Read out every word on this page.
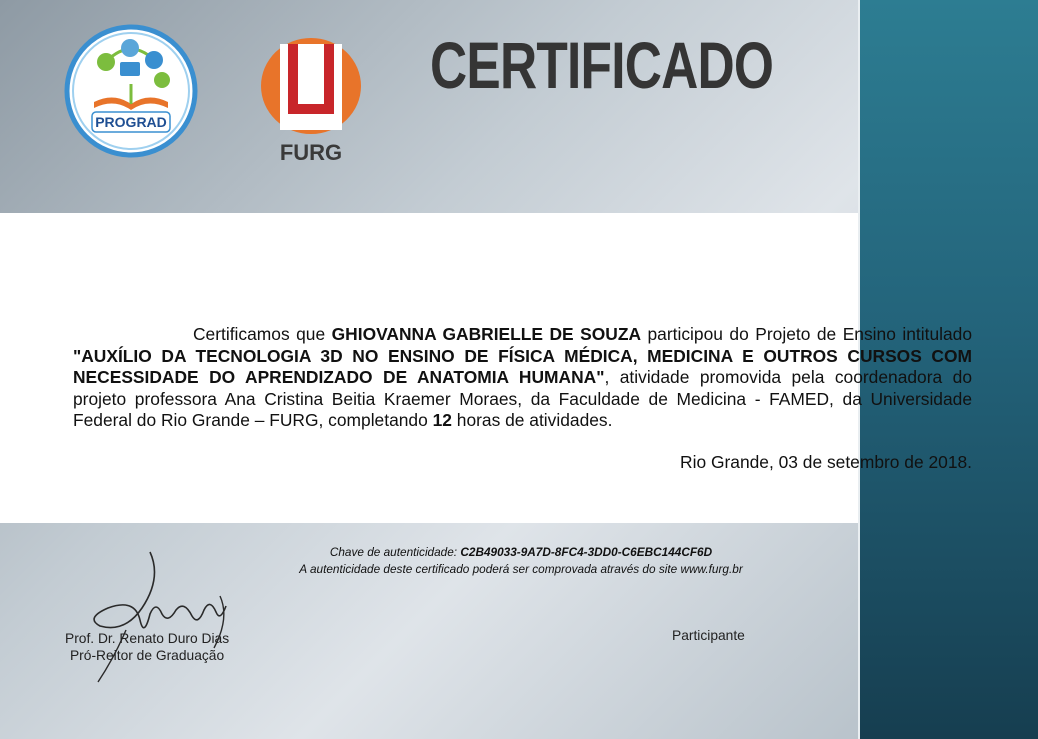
PROGRAD
FURG
CERTIFICADO
Certificamos que GHIOVANNA GABRIELLE DE SOUZA participou do Projeto de Ensino intitulado "AUXÍLIO DA TECNOLOGIA 3D NO ENSINO DE FÍSICA MÉDICA, MEDICINA E OUTROS CURSOS COM NECESSIDADE DO APRENDIZADO DE ANATOMIA HUMANA", atividade promovida pela coordenadora do projeto professora Ana Cristina Beitia Kraemer Moraes, da Faculdade de Medicina - FAMED, da Universidade Federal do Rio Grande – FURG, completando 12 horas de atividades.
Rio Grande, 03 de setembro de 2018.
Chave de autenticidade: C2B49033-9A7D-8FC4-3DD0-C6EBC144CF6D
A autenticidade deste certificado poderá ser comprovada através do site www.furg.br
Prof. Dr. Renato Duro Dias
Pró-Reitor de Graduação
Participante
